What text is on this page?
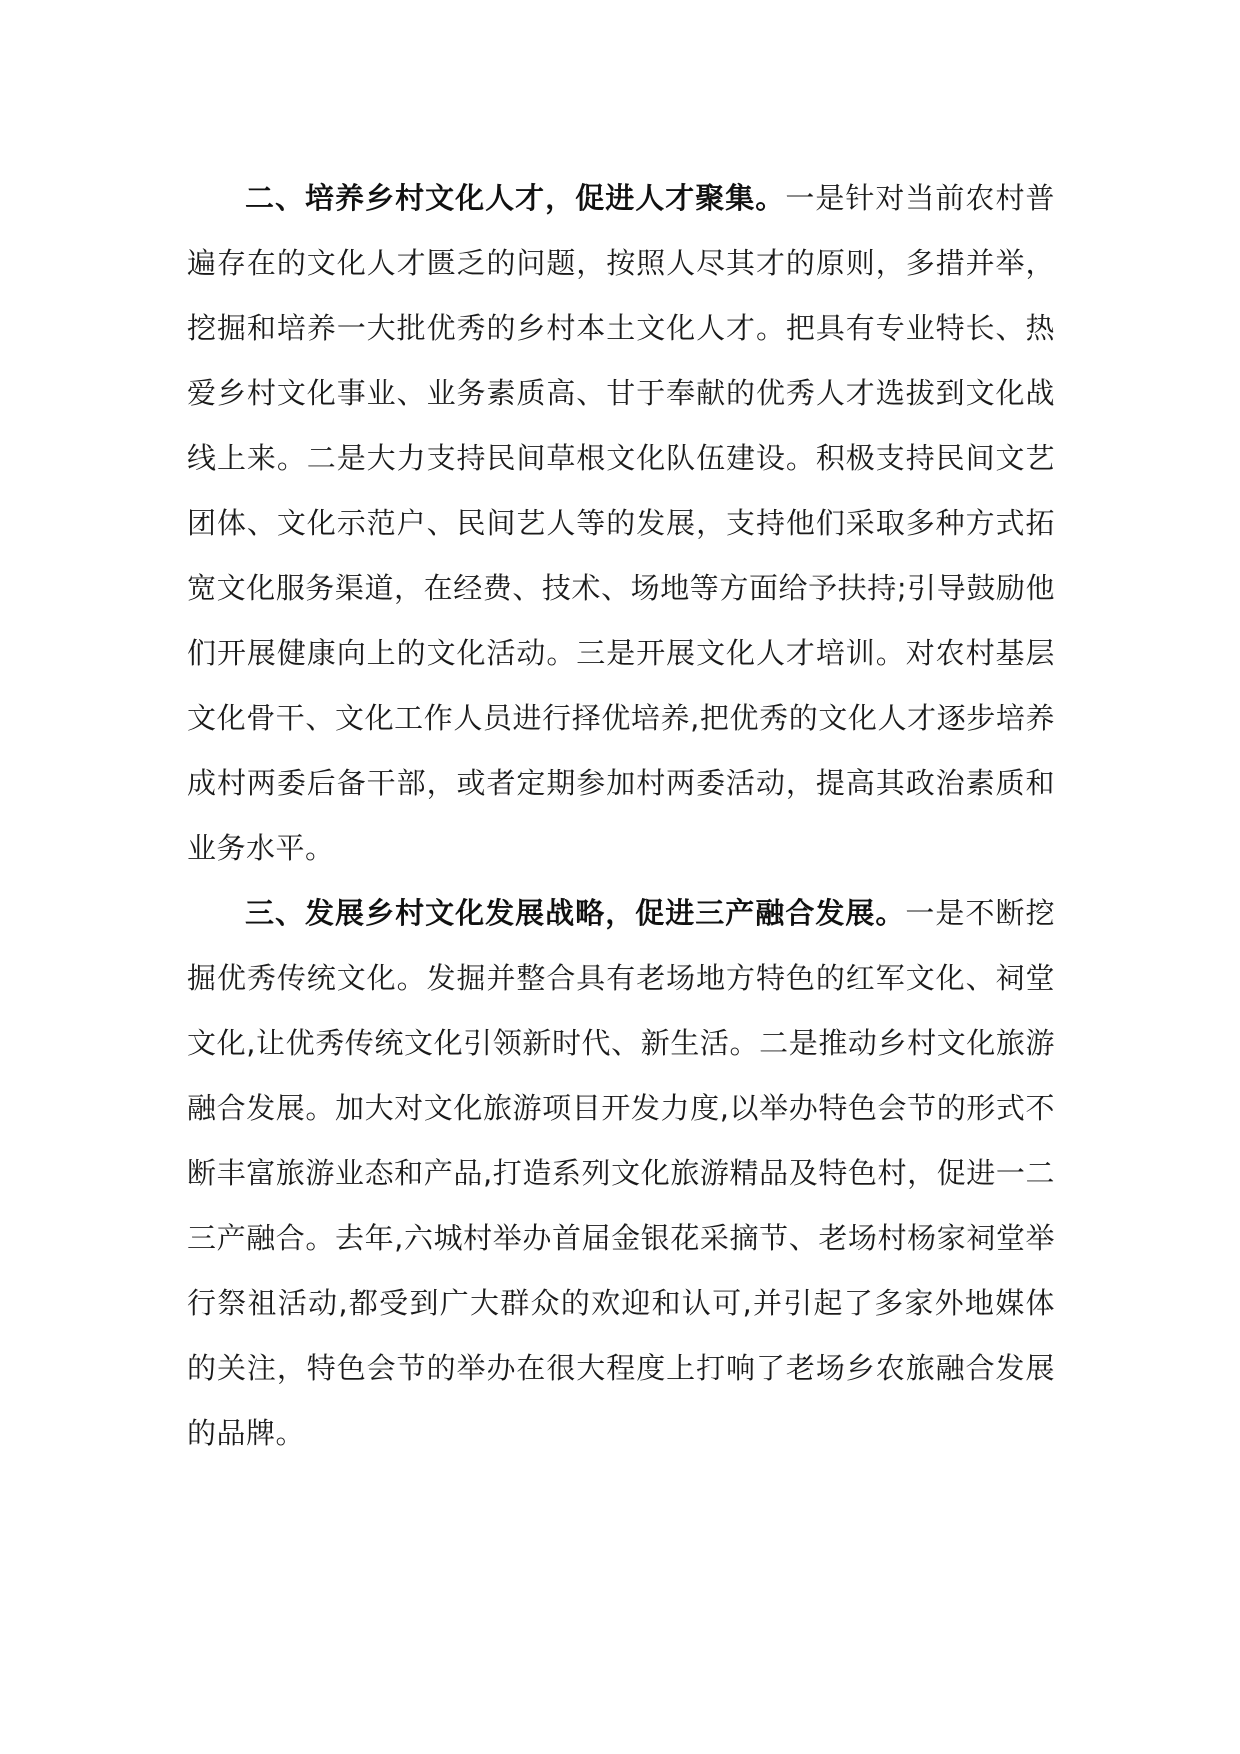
二、培养乡村文化人才，促进人才聚集。一是针对当前农村普遍存在的文化人才匮乏的问题，按照人尽其才的原则，多措并举，挖掘和培养一大批优秀的乡村本土文化人才。把具有专业特长、热爱乡村文化事业、业务素质高、甘于奉献的优秀人才选拔到文化战线上来。二是大力支持民间草根文化队伍建设。积极支持民间文艺团体、文化示范户、民间艺人等的发展，支持他们采取多种方式拓宽文化服务渠道，在经费、技术、场地等方面给予扶持;引导鼓励他们开展健康向上的文化活动。三是开展文化人才培训。对农村基层文化骨干、文化工作人员进行择优培养,把优秀的文化人才逐步培养成村两委后备干部，或者定期参加村两委活动，提高其政治素质和业务水平。

三、发展乡村文化发展战略，促进三产融合发展。一是不断挖掘优秀传统文化。发掘并整合具有老场地方特色的红军文化、祠堂文化,让优秀传统文化引领新时代、新生活。二是推动乡村文化旅游融合发展。加大对文化旅游项目开发力度,以举办特色会节的形式不断丰富旅游业态和产品,打造系列文化旅游精品及特色村，促进一二三产融合。去年,六城村举办首届金银花采摘节、老场村杨家祠堂举行祭祖活动,都受到广大群众的欢迎和认可,并引起了多家外地媒体的关注，特色会节的举办在很大程度上打响了老场乡农旅融合发展的品牌。
